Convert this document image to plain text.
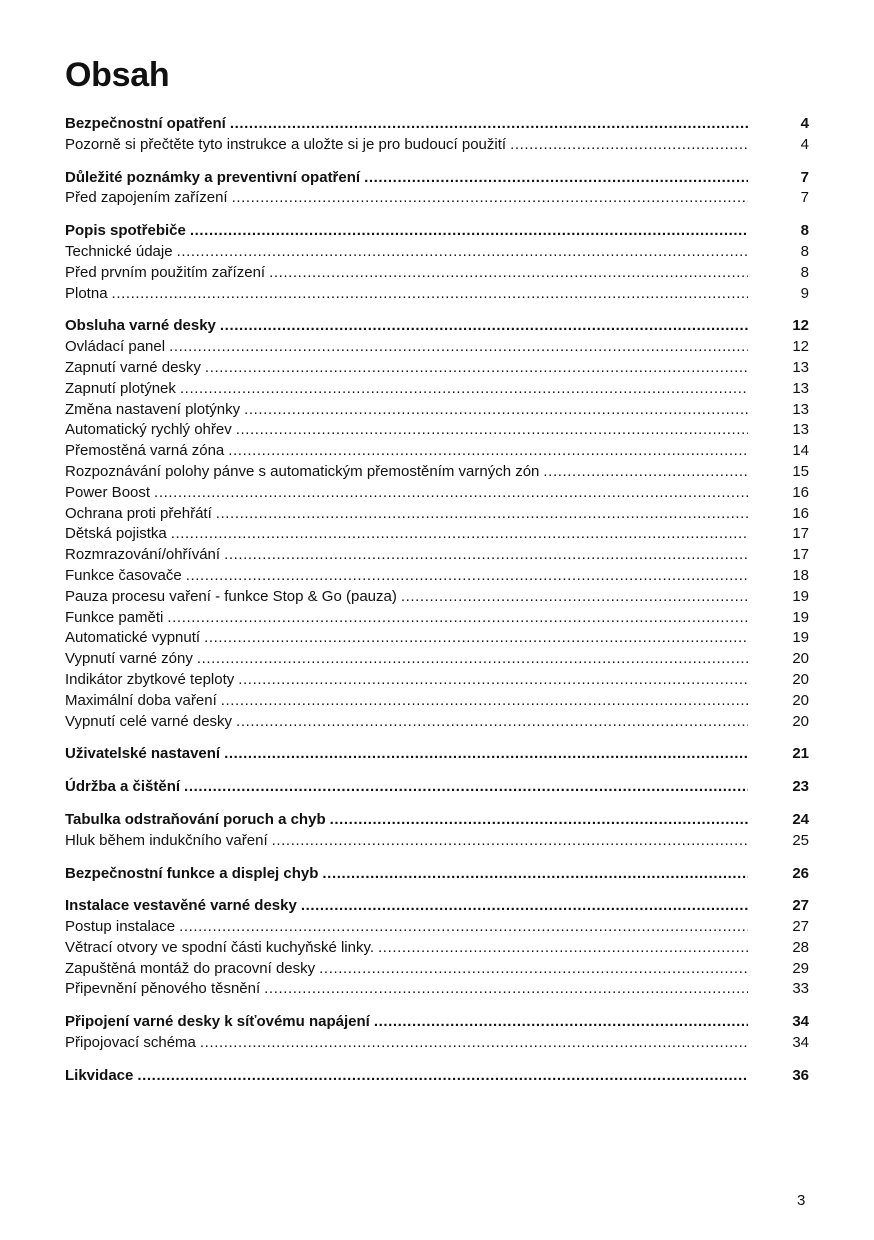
Obsah
Bezpečnostní opatření .....	4
Pozorně si přečtěte tyto instrukce a uložte si je pro budoucí použití .....	4
Důležité poznámky a preventivní opatření .....	7
Před zapojením zařízení .....	7
Popis spotřebiče .....	8
Technické údaje .....	8
Před prvním použitím zařízení .....	8
Plotna .....	9
Obsluha varné desky .....	12
Ovládací panel .....	12
Zapnutí varné desky .....	13
Zapnutí plotýnek .....	13
Změna nastavení plotýnky .....	13
Automatický rychlý ohřev .....	13
Přemostěná varná zóna .....	14
Rozpoznávání polohy pánve s automatickým přemostěním varných zón .....	15
Power Boost .....	16
Ochrana proti přehřátí .....	16
Dětská pojistka .....	17
Rozmrazování/ohřívání .....	17
Funkce časovače .....	18
Pauza procesu vaření - funkce Stop & Go (pauza) .....	19
Funkce paměti .....	19
Automatické vypnutí .....	19
Vypnutí varné zóny .....	20
Indikátor zbytkové teploty .....	20
Maximální doba vaření .....	20
Vypnutí celé varné desky .....	20
Uživatelské nastavení .....	21
Údržba a čištění .....	23
Tabulka odstraňování poruch a chyb .....	24
Hluk během indukčního vaření .....	25
Bezpečnostní funkce a displej chyb .....	26
Instalace vestavěné varné desky .....	27
Postup instalace .....	27
Větrací otvory ve spodní části kuchyňské linky. .....	28
Zapuštěná montáž do pracovní desky .....	29
Připevnění pěnového těsnění .....	33
Připojení varné desky k síťovému napájení .....	34
Připojovací schéma .....	34
Likvidace .....	36
3
